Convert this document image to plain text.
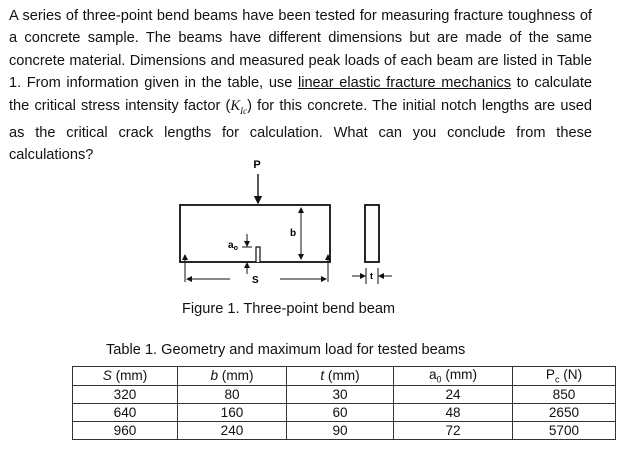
A series of three-point bend beams have been tested for measuring fracture toughness of a concrete sample. The beams have different dimensions but are made of the same concrete material. Dimensions and measured peak loads of each beam are listed in Table 1. From information given in the table, use linear elastic fracture mechanics to calculate the critical stress intensity factor $(K_{Ic})$ for this concrete. The initial notch lengths are used as the critical crack lengths for calculation. What can you conclude from these calculations?

P
$a_o$
b
S	t

Figure 1. Three-point bend beam

Table 1. Geometry and maximum load for tested beams

S (mm)	b (mm)	t (mm)	$a_0$ (mm)	$P_c$ (N)
320	80	30	24	850
640	160	60	48	2650
960	240	90	72	5700
